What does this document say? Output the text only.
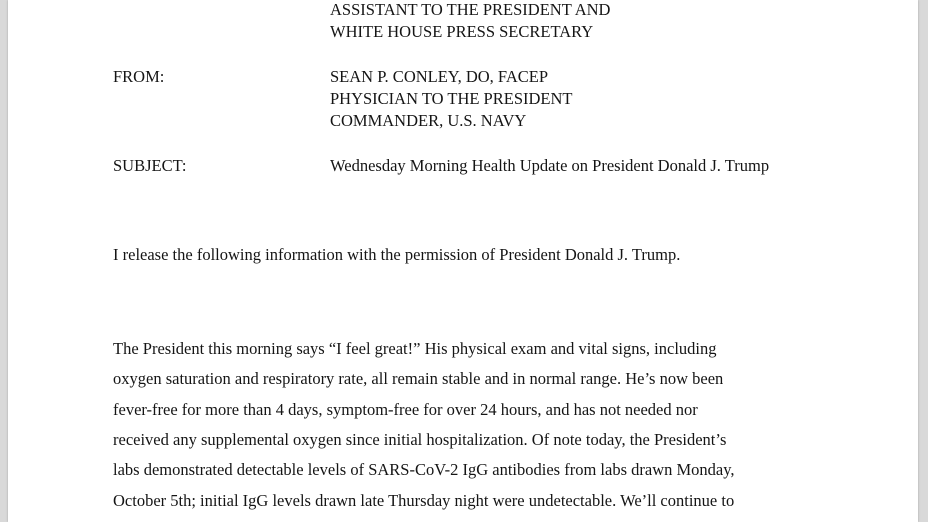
ASSISTANT TO THE PRESIDENT AND
WHITE HOUSE PRESS SECRETARY
FROM:	SEAN P. CONLEY, DO, FACEP
PHYSICIAN TO THE PRESIDENT
COMMANDER, U.S. NAVY
SUBJECT:	Wednesday Morning Health Update on President Donald J. Trump
I release the following information with the permission of President Donald J. Trump.
The President this morning says “I feel great!” His physical exam and vital signs, including
oxygen saturation and respiratory rate, all remain stable and in normal range. He’s now been
fever-free for more than 4 days, symptom-free for over 24 hours, and has not needed nor
received any supplemental oxygen since initial hospitalization. Of note today, the President’s
labs demonstrated detectable levels of SARS-CoV-2 IgG antibodies from labs drawn Monday,
October 5th; initial IgG levels drawn late Thursday night were undetectable. We’ll continue to
